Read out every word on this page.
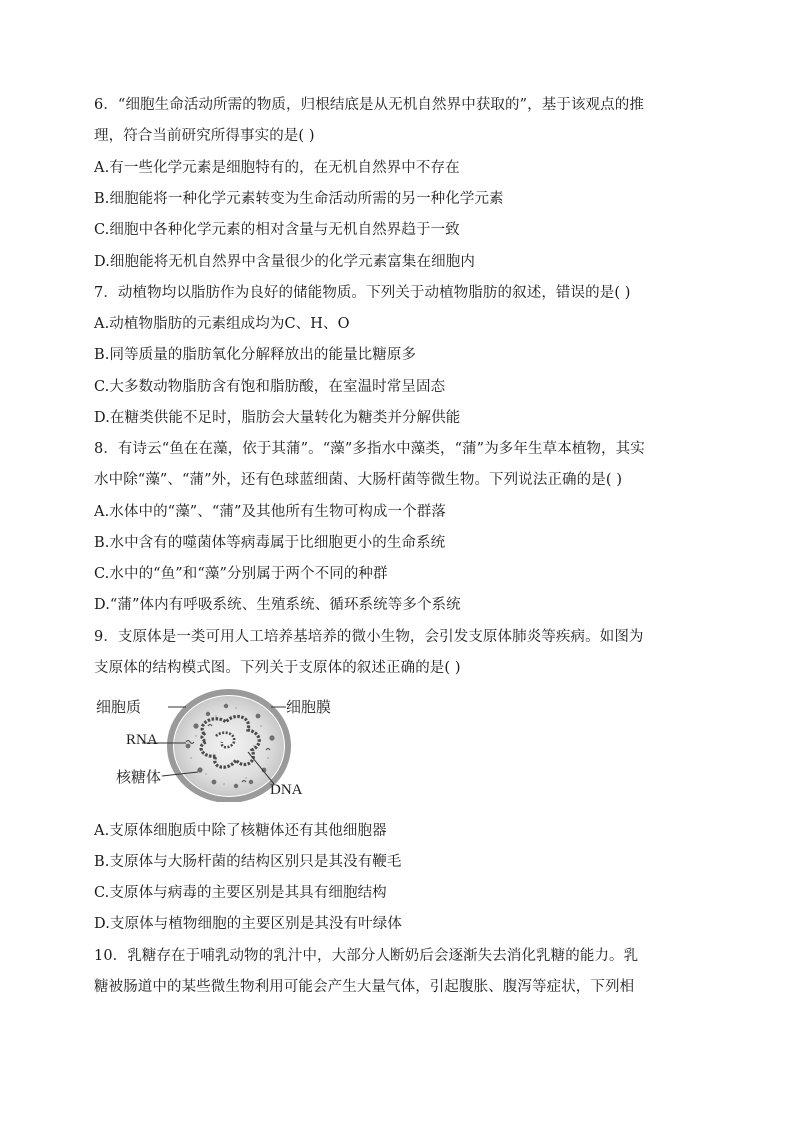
6．“细胞生命活动所需的物质，归根结底是从无机自然界中获取的”，基于该观点的推
理，符合当前研究所得事实的是( )
A.有一些化学元素是细胞特有的，在无机自然界中不存在
B.细胞能将一种化学元素转变为生命活动所需的另一种化学元素
C.细胞中各种化学元素的相对含量与无机自然界趋于一致
D.细胞能将无机自然界中含量很少的化学元素富集在细胞内
7．动植物均以脂肪作为良好的储能物质。下列关于动植物脂肪的叙述，错误的是( )
A.动植物脂肪的元素组成均为C、H、O
B.同等质量的脂肪氧化分解释放出的能量比糖原多
C.大多数动物脂肪含有饱和脂肪酸，在室温时常呈固态
D.在糖类供能不足时，脂肪会大量转化为糖类并分解供能
8．有诗云“鱼在在藻，依于其蒲”。“藻”多指水中藻类，“蒲”为多年生草本植物，其实
水中除“藻”、“蒲”外，还有色球蓝细菌、大肠杆菌等微生物。下列说法正确的是( )
A.水体中的“藻”、“蒲”及其他所有生物可构成一个群落
B.水中含有的噬菌体等病毒属于比细胞更小的生命系统
C.水中的“鱼”和“藻”分别属于两个不同的种群
D.“蒲”体内有呼吸系统、生殖系统、循环系统等多个系统
9．支原体是一类可用人工培养基培养的微小生物，会引发支原体肺炎等疾病。如图为
支原体的结构模式图。下列关于支原体的叙述正确的是( )
细胞质	细胞膜
RNA
核糖体
DNA
A.支原体细胞质中除了核糖体还有其他细胞器
B.支原体与大肠杆菌的结构区别只是其没有鞭毛
C.支原体与病毒的主要区别是其具有细胞结构
D.支原体与植物细胞的主要区别是其没有叶绿体
10．乳糖存在于哺乳动物的乳汁中，大部分人断奶后会逐渐失去消化乳糖的能力。乳
糖被肠道中的某些微生物利用可能会产生大量气体，引起腹胀、腹泻等症状，下列相
